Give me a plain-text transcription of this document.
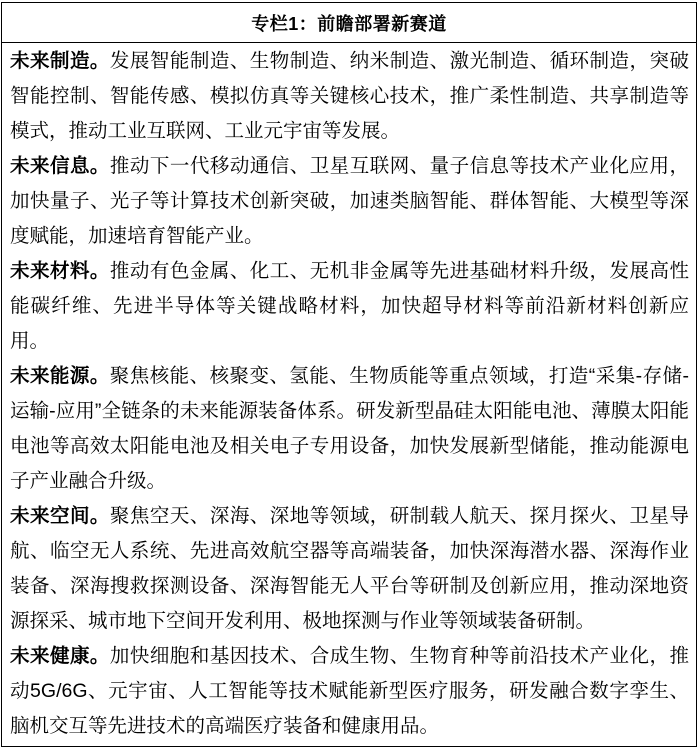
专栏1：前瞻部署新赛道

未来制造。发展智能制造、生物制造、纳米制造、激光制造、循环制造，突破智能控制、智能传感、模拟仿真等关键核心技术，推广柔性制造、共享制造等模式，推动工业互联网、工业元宇宙等发展。

未来信息。推动下一代移动通信、卫星互联网、量子信息等技术产业化应用，加快量子、光子等计算技术创新突破，加速类脑智能、群体智能、大模型等深度赋能，加速培育智能产业。

未来材料。推动有色金属、化工、无机非金属等先进基础材料升级，发展高性能碳纤维、先进半导体等关键战略材料，加快超导材料等前沿新材料创新应用。

未来能源。聚焦核能、核聚变、氢能、生物质能等重点领域，打造“采集-存储-运输-应用”全链条的未来能源装备体系。研发新型晶硅太阳能电池、薄膜太阳能电池等高效太阳能电池及相关电子专用设备，加快发展新型储能，推动能源电子产业融合升级。

未来空间。聚焦空天、深海、深地等领域，研制载人航天、探月探火、卫星导航、临空无人系统、先进高效航空器等高端装备，加快深海潜水器、深海作业装备、深海搜救探测设备、深海智能无人平台等研制及创新应用，推动深地资源探采、城市地下空间开发利用、极地探测与作业等领域装备研制。

未来健康。加快细胞和基因技术、合成生物、生物育种等前沿技术产业化，推动5G/6G、元宇宙、人工智能等技术赋能新型医疗服务，研发融合数字孪生、脑机交互等先进技术的高端医疗装备和健康用品。
